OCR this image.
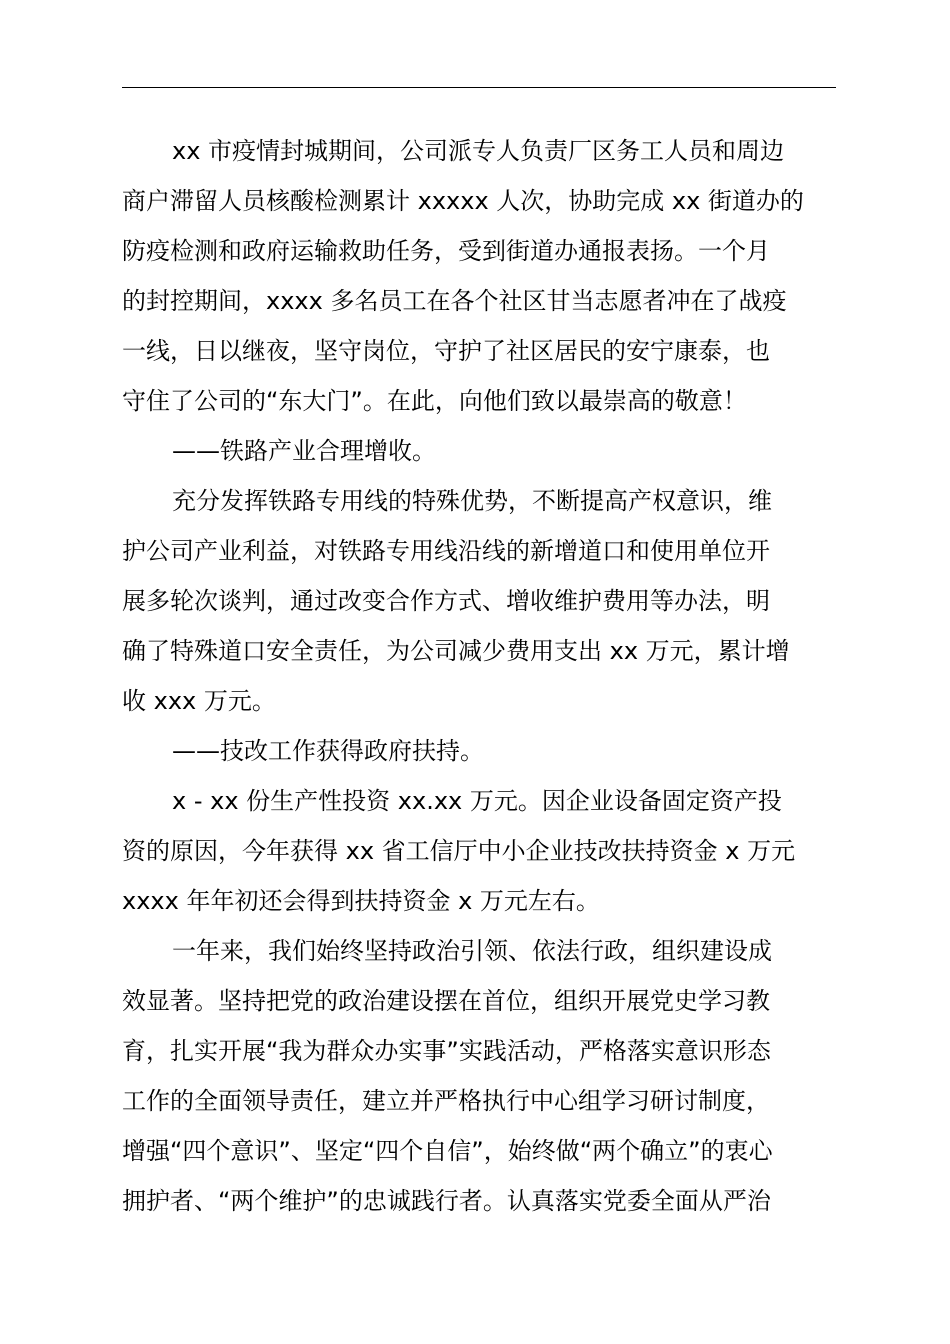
xx 市疫情封城期间，公司派专人负责厂区务工人员和周边
商户滞留人员核酸检测累计 xxxxx 人次，协助完成 xx 街道办的
防疫检测和政府运输救助任务，受到街道办通报表扬。一个月
的封控期间，xxxx 多名员工在各个社区甘当志愿者冲在了战疫
一线，日以继夜，坚守岗位，守护了社区居民的安宁康泰，也
守住了公司的“东大门”。在此，向他们致以最崇高的敬意！
——铁路产业合理增收。
充分发挥铁路专用线的特殊优势，不断提高产权意识，维
护公司产业利益，对铁路专用线沿线的新增道口和使用单位开
展多轮次谈判，通过改变合作方式、增收维护费用等办法，明
确了特殊道口安全责任，为公司减少费用支出 xx 万元，累计增
收 xxx 万元。
——技改工作获得政府扶持。
x - xx 份生产性投资 xx.xx 万元。因企业设备固定资产投
资的原因，今年获得 xx 省工信厅中小企业技改扶持资金 x 万元
xxxx 年年初还会得到扶持资金 x 万元左右。
一年来，我们始终坚持政治引领、依法行政，组织建设成
效显著。坚持把党的政治建设摆在首位，组织开展党史学习教
育，扎实开展“我为群众办实事”实践活动，严格落实意识形态
工作的全面领导责任，建立并严格执行中心组学习研讨制度，
增强“四个意识”、坚定“四个自信”，始终做“两个确立”的衷心
拥护者、“两个维护”的忠诚践行者。认真落实党委全面从严治
